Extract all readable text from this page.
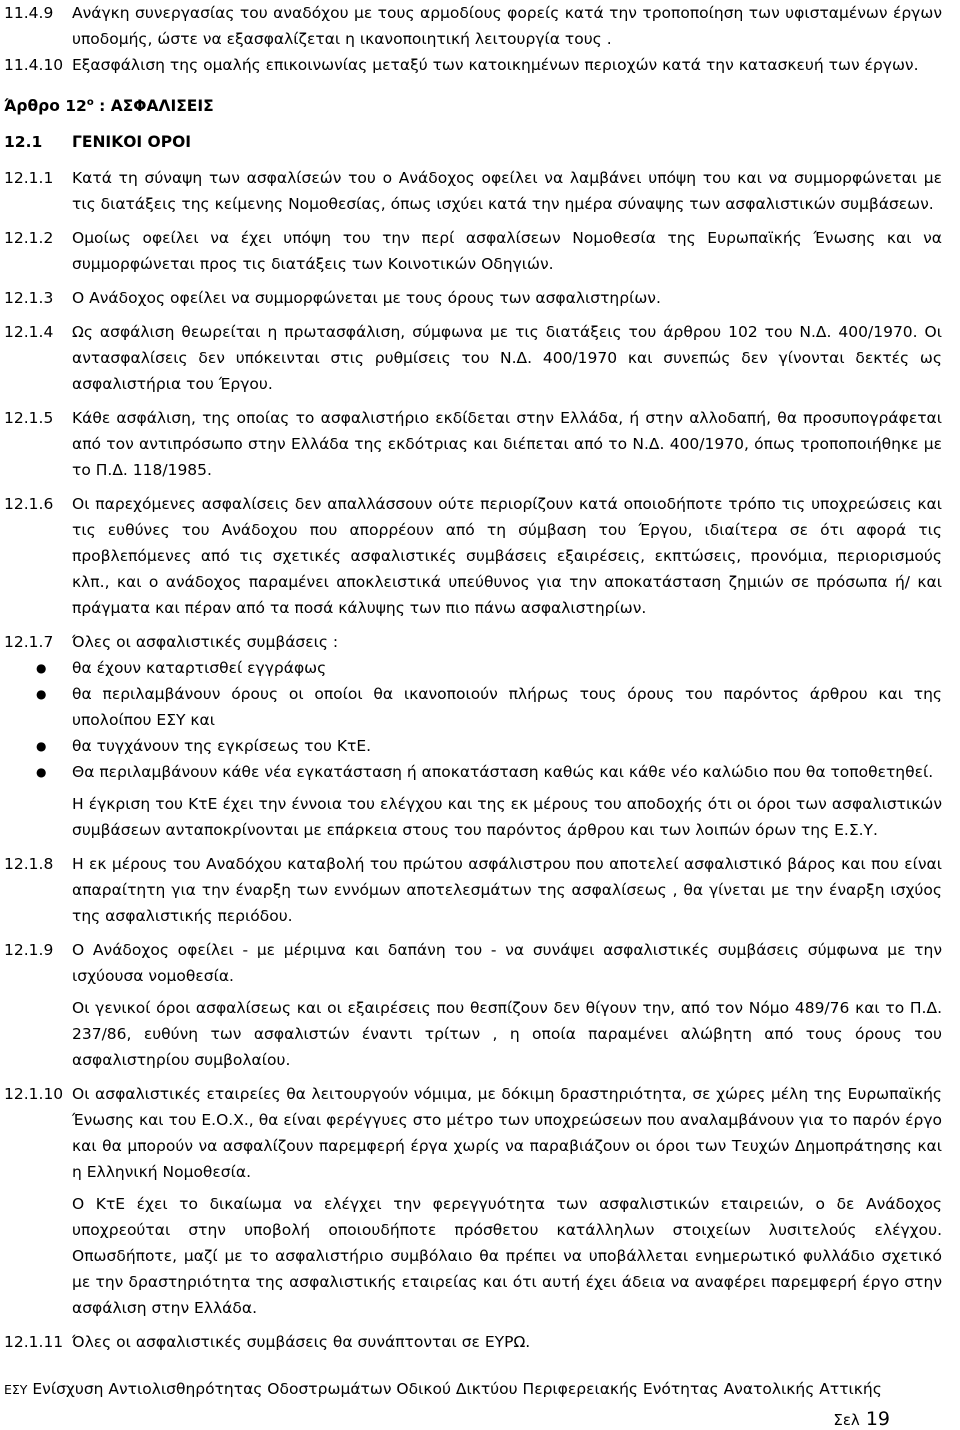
11.4.9	Ανάγκη συνεργασίας του αναδόχου με τους αρμοδίους φορείς κατά την τροποποίηση των υφισταμένων έργων υποδομής, ώστε να εξασφαλίζεται η ικανοποιητική λειτουργία τους .
11.4.10 Εξασφάλιση της ομαλής επικοινωνίας μεταξύ των κατοικημένων περιοχών κατά την κατασκευή των έργων.
Άρθρο $12^o$ : ΑΣΦΑΛΙΣΕΙΣ
12.1	ΓΕΝΙΚΟΙ ΟΡΟΙ
12.1.1	Κατά τη σύναψη των ασφαλίσεών του ο Ανάδοχος οφείλει να λαμβάνει υπόψη του και να συμμορφώνεται με τις διατάξεις της κείμενης Νομοθεσίας, όπως ισχύει κατά την ημέρα σύναψης των ασφαλιστικών συμβάσεων.
12.1.2	Ομοίως οφείλει να έχει υπόψη του την περί ασφαλίσεων Νομοθεσία της Ευρωπαϊκής Ένωσης και να συμμορφώνεται προς τις διατάξεις των Κοινοτικών Οδηγιών.
12.1.3	Ο Ανάδοχος οφείλει να συμμορφώνεται με τους όρους των ασφαλιστηρίων.
12.1.4	Ως ασφάλιση θεωρείται η πρωτασφάλιση, σύμφωνα με τις διατάξεις του άρθρου 102 του Ν.Δ. 400/1970. Οι αντασφαλίσεις δεν υπόκεινται στις ρυθμίσεις του Ν.Δ. 400/1970 και συνεπώς δεν γίνονται δεκτές ως ασφαλιστήρια του Έργου.
12.1.5	Κάθε ασφάλιση, της οποίας το ασφαλιστήριο εκδίδεται στην Ελλάδα, ή στην αλλοδαπή, θα προσυπογράφεται από τον αντιπρόσωπο στην Ελλάδα της εκδότριας και διέπεται από το Ν.Δ. 400/1970, όπως τροποποιήθηκε με το Π.Δ. 118/1985.
12.1.6	Οι παρεχόμενες ασφαλίσεις δεν απαλλάσσουν ούτε περιορίζουν κατά οποιοδήποτε τρόπο τις υποχρεώσεις και τις ευθύνες του Ανάδοχου που απορρέουν από τη σύμβαση του Έργου, ιδιαίτερα σε ότι αφορά τις προβλεπόμενες από τις σχετικές ασφαλιστικές συμβάσεις εξαιρέσεις, εκπτώσεις, προνόμια, περιορισμούς κλπ., και ο ανάδοχος παραμένει αποκλειστικά υπεύθυνος για την αποκατάσταση ζημιών σε πρόσωπα ή/ και πράγματα και πέραν από τα ποσά κάλυψης των πιο πάνω ασφαλιστηρίων.
12.1.7	Όλες οι ασφαλιστικές συμβάσεις :
●	θα έχουν καταρτισθεί εγγράφως
●	θα περιλαμβάνουν όρους οι οποίοι θα ικανοποιούν πλήρως τους όρους του παρόντος άρθρου και της υπολοίπου ΕΣΥ και
●	θα τυγχάνουν της εγκρίσεως του ΚτΕ.
●	Θα περιλαμβάνουν κάθε νέα εγκατάσταση ή αποκατάσταση καθώς και κάθε νέο καλώδιο που θα τοποθετηθεί.
Η έγκριση του ΚτΕ έχει την έννοια του ελέγχου και της εκ μέρους του αποδοχής ότι οι όροι των ασφαλιστικών συμβάσεων ανταποκρίνονται με επάρκεια στους του παρόντος άρθρου και των λοιπών όρων της Ε.Σ.Υ.
12.1.8	Η εκ μέρους του Αναδόχου καταβολή του πρώτου ασφάλιστρου που αποτελεί ασφαλιστικό βάρος και που είναι απαραίτητη για την έναρξη των εννόμων αποτελεσμάτων της ασφαλίσεως , θα γίνεται με την έναρξη ισχύος της ασφαλιστικής περιόδου.
12.1.9	Ο Ανάδοχος οφείλει - με μέριμνα και δαπάνη του - να συνάψει ασφαλιστικές συμβάσεις σύμφωνα με την ισχύουσα νομοθεσία.
Οι γενικοί όροι ασφαλίσεως και οι εξαιρέσεις που θεσπίζουν δεν θίγουν την, από τον Νόμο 489/76 και το Π.Δ. 237/86, ευθύνη των ασφαλιστών έναντι τρίτων , η οποία παραμένει αλώβητη από τους όρους του ασφαλιστηρίου συμβολαίου.
12.1.10 Οι ασφαλιστικές εταιρείες θα λειτουργούν νόμιμα, με δόκιμη δραστηριότητα, σε χώρες μέλη της Ευρωπαϊκής Ένωσης και του Ε.Ο.Χ., θα είναι φερέγγυες στο μέτρο των υποχρεώσεων που αναλαμβάνουν για το παρόν έργο και θα μπορούν να ασφαλίζουν παρεμφερή έργα χωρίς να παραβιάζουν οι όροι των Τευχών Δημοπράτησης και η Ελληνική Νομοθεσία.
Ο ΚτΕ έχει το δικαίωμα να ελέγχει την φερεγγυότητα των ασφαλιστικών εταιρειών, ο δε Ανάδοχος υποχρεούται στην υποβολή οποιουδήποτε πρόσθετου κατάλληλων στοιχείων λυσιτελούς ελέγχου. Οπωσδήποτε, μαζί με το ασφαλιστήριο συμβόλαιο θα πρέπει να υποβάλλεται ενημερωτικό φυλλάδιο σχετικό με την δραστηριότητα της ασφαλιστικής εταιρείας και ότι αυτή έχει άδεια να αναφέρει παρεμφερή έργο στην ασφάλιση στην Ελλάδα.
12.1.11 Όλες οι ασφαλιστικές συμβάσεις θα συνάπτονται σε ΕΥΡΩ.
ΕΣΥ Ενίσχυση Αντιολισθηρότητας Οδοστρωμάτων Οδικού Δικτύου Περιφερειακής Ενότητας Ανατολικής Αττικής
Σελ 19
